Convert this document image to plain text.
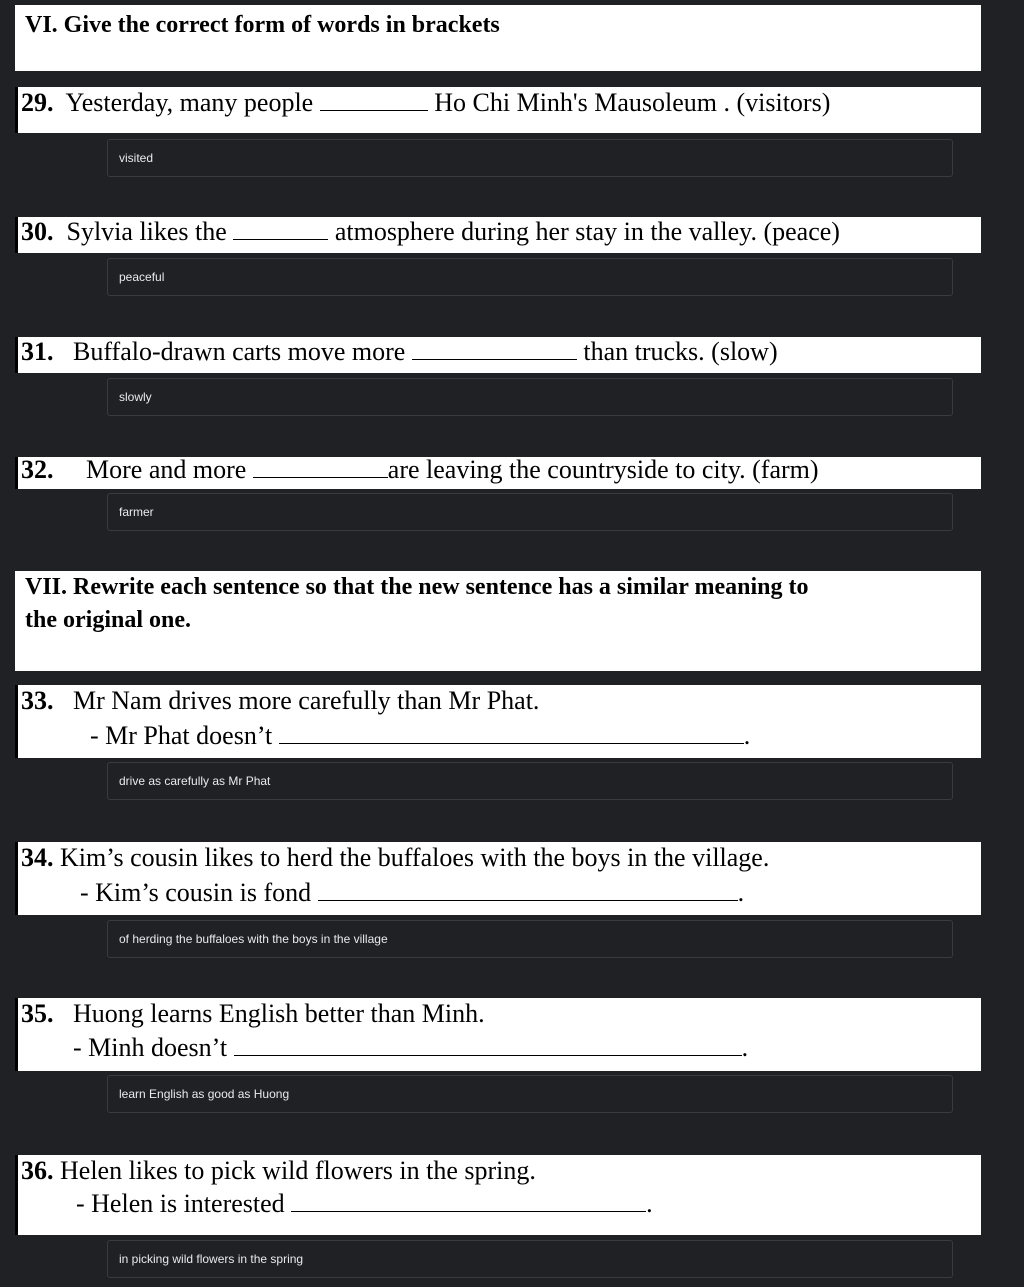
VI. Give the correct form of words in brackets
29. Yesterday, many people	Ho Chi Minh's Mausoleum . (visitors)
visited
30. Sylvia likes the	atmosphere during her stay in the valley. (peace)
peaceful
31. Buffalo-drawn carts move more	than trucks. (slow)
slowly
32. More and more	are leaving the countryside to city. (farm)
farmer
VII. Rewrite each sentence so that the new sentence has a similar meaning to
the original one.
33. Mr Nam drives more carefully than Mr Phat.
- Mr Phat doesn’t	.
drive as carefully as Mr Phat
34. Kim’s cousin likes to herd the buffaloes with the boys in the village.
- Kim’s cousin is fond	.
of herding the buffaloes with the boys in the village
35. Huong learns English better than Minh.
- Minh doesn’t	.
learn English as good as Huong
36. Helen likes to pick wild flowers in the spring.
- Helen is interested	.
in picking wild flowers in the spring
